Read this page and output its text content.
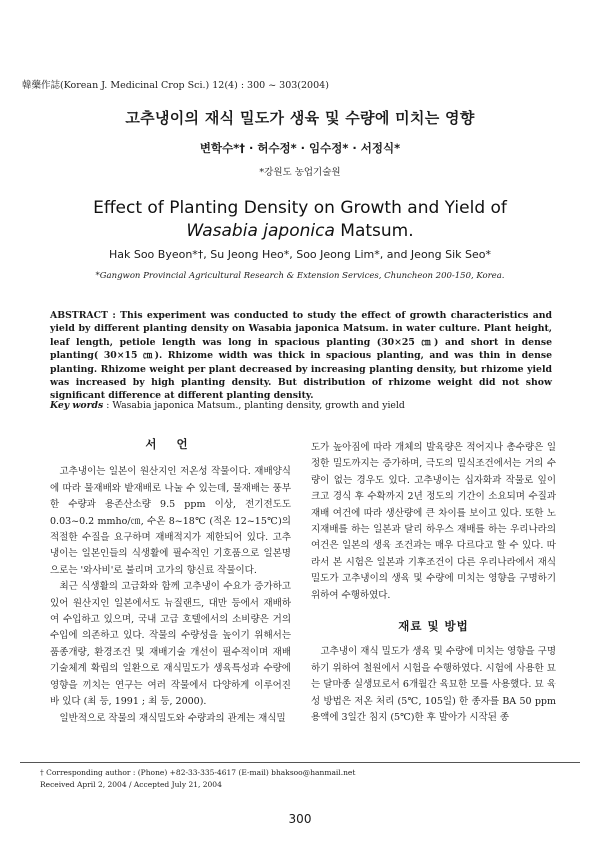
韓藥作誌(Korean J. Medicinal Crop Sci.) 12(4) : 300 ~ 303(2004)
고추냉이의 재식 밀도가 생육 및 수량에 미치는 영향
변학수*† · 허수정* · 임수정* · 서정식*
*강원도 농업기술원
Effect of Planting Density on Growth and Yield of
Wasabia japonica Matsum.
Hak Soo Byeon*†, Su Jeong Heo*, Soo Jeong Lim*, and Jeong Sik Seo*
*Gangwon Provincial Agricultural Research & Extension Services, Chuncheon 200-150, Korea.
ABSTRACT : This experiment was conducted to study the effect of growth characteristics and yield by different planting density on Wasabia japonica Matsum. in water culture. Plant height, leaf length, petiole length was long in spacious planting (30×25 ㎝) and short in dense planting( 30×15 ㎝). Rhizome width was thick in spacious planting, and was thin in dense planting. Rhizome weight per plant decreased by increasing planting density, but rhizome yield was increased by high planting density. But distribution of rhizome weight did not show significant difference at different planting density.
Key words : Wasabia japonica Matsum., planting density, growth and yield
서 언

고추냉이는 일본이 원산지인 저온성 작물이다. 재배양식에 따라 물재배와 밭재배로 나눌 수 있는데, 물재배는 풍부한 수량과 용존산소량 9.5 ppm 이상, 전기전도도 0.03~0.2 mmho/㎝, 수온 8~18℃ (적온 12~15℃)의 적절한 수질을 요구하며 재배적지가 제한되어 있다. 고추냉이는 일본인들의 식생활에 필수적인 기호품으로 일본명으로는 '와사비'로 불리며 고가의 향신료 작물이다.

최근 식생활의 고급화와 함께 고추냉이 수요가 증가하고 있어 원산지인 일본에서도 뉴질랜드, 대만 등에서 재배하여 수입하고 있으며, 국내 고급 호텔에서의 소비량은 거의 수입에 의존하고 있다. 작물의 수량성을 높이기 위해서는 품종개량, 환경조건 및 재배기술 개선이 필수적이며 재배기술체계 확립의 일환으로 재식밀도가 생육특성과 수량에 영향을 끼치는 연구는 여러 작물에서 다양하게 이루어진 바 있다 (최 등, 1991 ; 최 등, 2000).

일반적으로 작물의 재식밀도와 수량과의 관계는 재식밀

도가 높아짐에 따라 개체의 발육량은 적어지나 총수량은 일정한 밀도까지는 증가하며, 극도의 밀식조건에서는 거의 수량이 없는 경우도 있다. 고추냉이는 십자화과 작물로 잎이 크고 경식 후 수확까지 2년 정도의 기간이 소요되며 수질과 재배 여건에 따라 생산량에 큰 차이를 보이고 있다. 또한 노지재배를 하는 일본과 달리 하우스 재배를 하는 우리나라의 여건은 일본의 생육 조건과는 매우 다르다고 할 수 있다. 따라서 본 시험은 일본과 기후조건이 다른 우리나라에서 재식 밀도가 고추냉이의 생육 및 수량에 미치는 영향을 구명하기 위하여 수행하였다.

재료 및 방법

고추냉이 재식 밀도가 생육 및 수량에 미치는 영향을 구명하기 위하여 철원에서 시험을 수행하였다. 시험에 사용한 묘는 달마종 실생묘로서 6개월간 육묘한 모를 사용했다. 묘 육성 방법은 저온 처리 (5℃, 105일) 한 종자를 BA 50 ppm용액에 3일간 침지 (5℃)한 후 발아가 시작된 종

† Corresponding author : (Phone) +82-33-335-4617 (E-mail) bhaksoo@hanmail.net
Received April 2, 2004 / Accepted July 21, 2004
300
